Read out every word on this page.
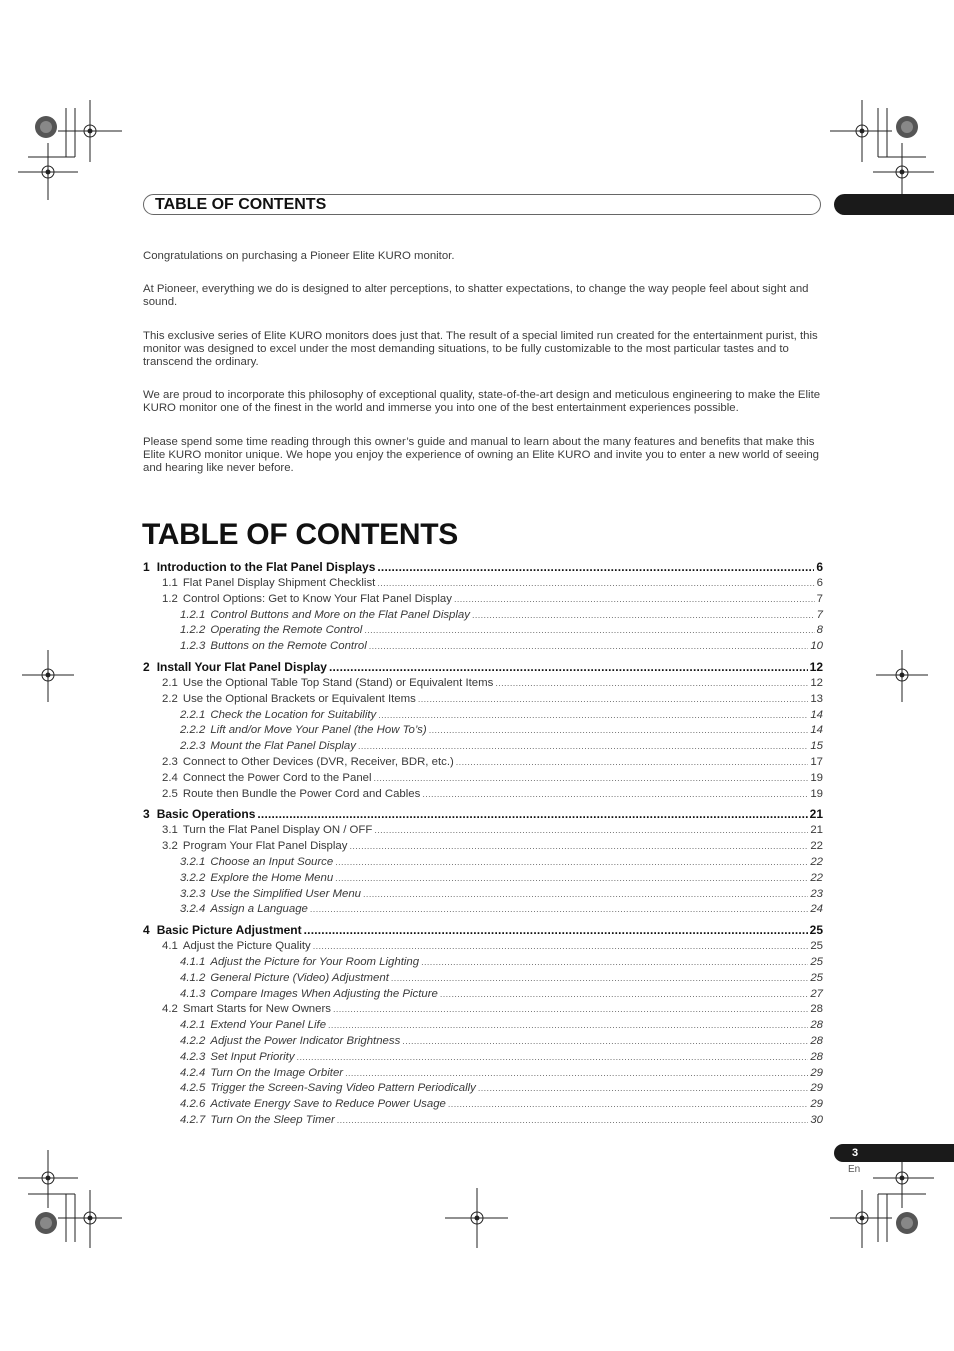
TABLE OF CONTENTS

Congratulations on purchasing a Pioneer Elite KURO monitor.

At Pioneer, everything we do is designed to alter perceptions, to shatter expectations, to change the way people feel about sight and sound.

This exclusive series of Elite KURO monitors does just that. The result of a special limited run created for the entertainment purist, this monitor was designed to excel under the most demanding situations, to be fully customizable to the most particular tastes and to transcend the ordinary.

We are proud to incorporate this philosophy of exceptional quality, state-of-the-art design and meticulous engineering to make the Elite KURO monitor one of the finest in the world and immerse you into one of the best entertainment experiences possible.

Please spend some time reading through this owner’s guide and manual to learn about the many features and benefits that make this Elite KURO monitor unique. We hope you enjoy the experience of owning an Elite KURO and invite you to enter a new world of seeing and hearing like never before.

TABLE OF CONTENTS
1 Introduction to the Flat Panel Displays .....	6
1.1 Flat Panel Display Shipment Checklist .....	6
1.2 Control Options: Get to Know Your Flat Panel Display .....	7
1.2.1 Control Buttons and More on the Flat Panel Display .....	7
1.2.2 Operating the Remote Control .....	8
1.2.3 Buttons on the Remote Control .....	10
2 Install Your Flat Panel Display .....	12
2.1 Use the Optional Table Top Stand (Stand) or Equivalent Items .....	12
2.2 Use the Optional Brackets or Equivalent Items .....	13
2.2.1 Check the Location for Suitability .....	14
2.2.2 Lift and/or Move Your Panel (the How To’s) .....	14
2.2.3 Mount the Flat Panel Display .....	15
2.3 Connect to Other Devices (DVR, Receiver, BDR, etc.) .....	17
2.4 Connect the Power Cord to the Panel .....	19
2.5 Route then Bundle the Power Cord and Cables .....	19
3 Basic Operations .....	21
3.1 Turn the Flat Panel Display ON / OFF .....	21
3.2 Program Your Flat Panel Display .....	22
3.2.1 Choose an Input Source .....	22
3.2.2 Explore the Home Menu .....	22
3.2.3 Use the Simplified User Menu .....	23
3.2.4 Assign a Language .....	24
4 Basic Picture Adjustment .....	25
4.1 Adjust the Picture Quality .....	25
4.1.1 Adjust the Picture for Your Room Lighting .....	25
4.1.2 General Picture (Video) Adjustment .....	25
4.1.3 Compare Images When Adjusting the Picture .....	27
4.2 Smart Starts for New Owners .....	28
4.2.1 Extend Your Panel Life .....	28
4.2.2 Adjust the Power Indicator Brightness .....	28
4.2.3 Set Input Priority .....	28
4.2.4 Turn On the Image Orbiter .....	29
4.2.5 Trigger the Screen-Saving Video Pattern Periodically .....	29
4.2.6 Activate Energy Save to Reduce Power Usage .....	29
4.2.7 Turn On the Sleep Timer .....	30
3
En
